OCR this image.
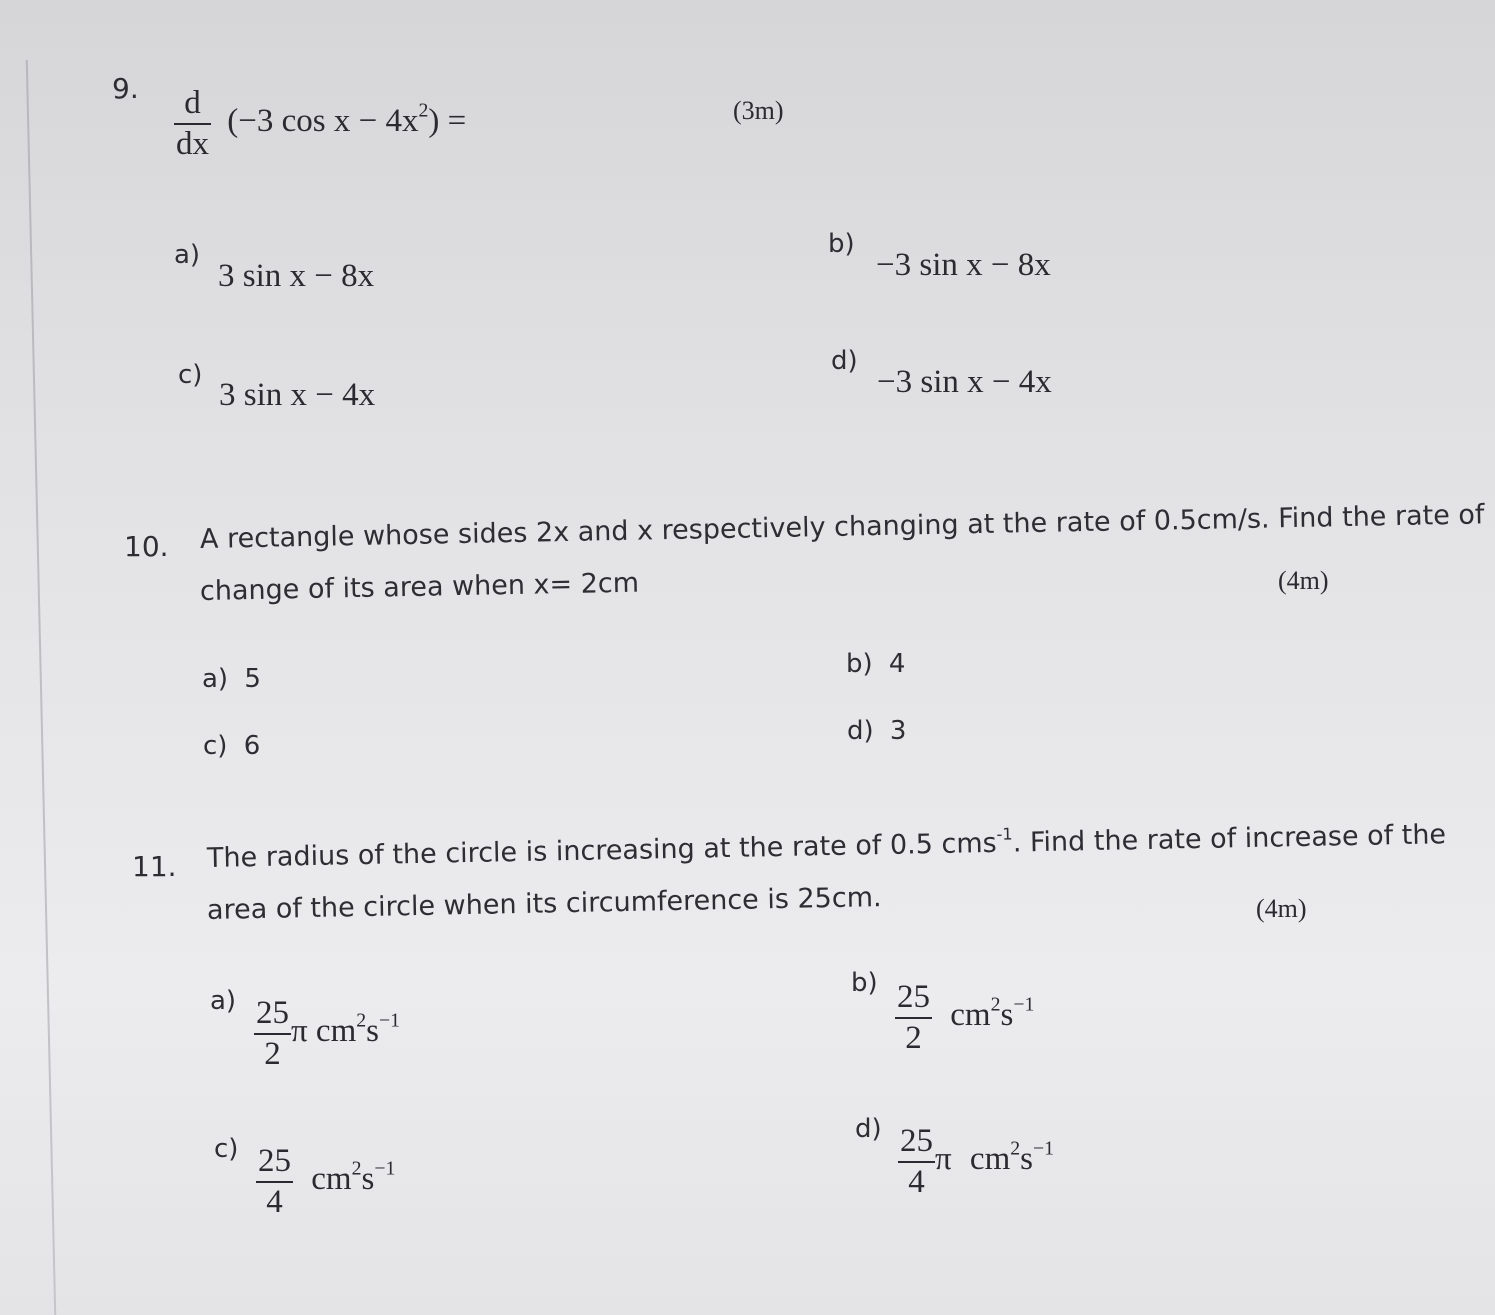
9. $\frac{d}{dx} (-3$ $\cos x - 4x^2$) =	(3m)
a)
3 sin x − 8x
b)
−3 sin x − 8x
c)
3 sin x − 4x
d)
−3 sin x − 4x
10. A rectangle whose sides 2x and x respectively changing at the rate of 0.5cm/s. Find the rate of
change of its area when x= 2cm	(4m)
a) 5	b) 4
c) 6	d) 3
11. The radius of the circle is increasing at the rate of 0.5 cms$^{-1}$. Find the rate of increase of the
area of the circle when its circumference is 25cm.	(4m)
$a) \frac{25}{2}$ π $cm^2s^{-1}$
$b) \frac{25}{2} cm^2s^{-1}$
$c) \frac{25}{4} cm^2s^{-1}$
$d) \frac{25}{4}$ π $cm^2s^{-1}$
